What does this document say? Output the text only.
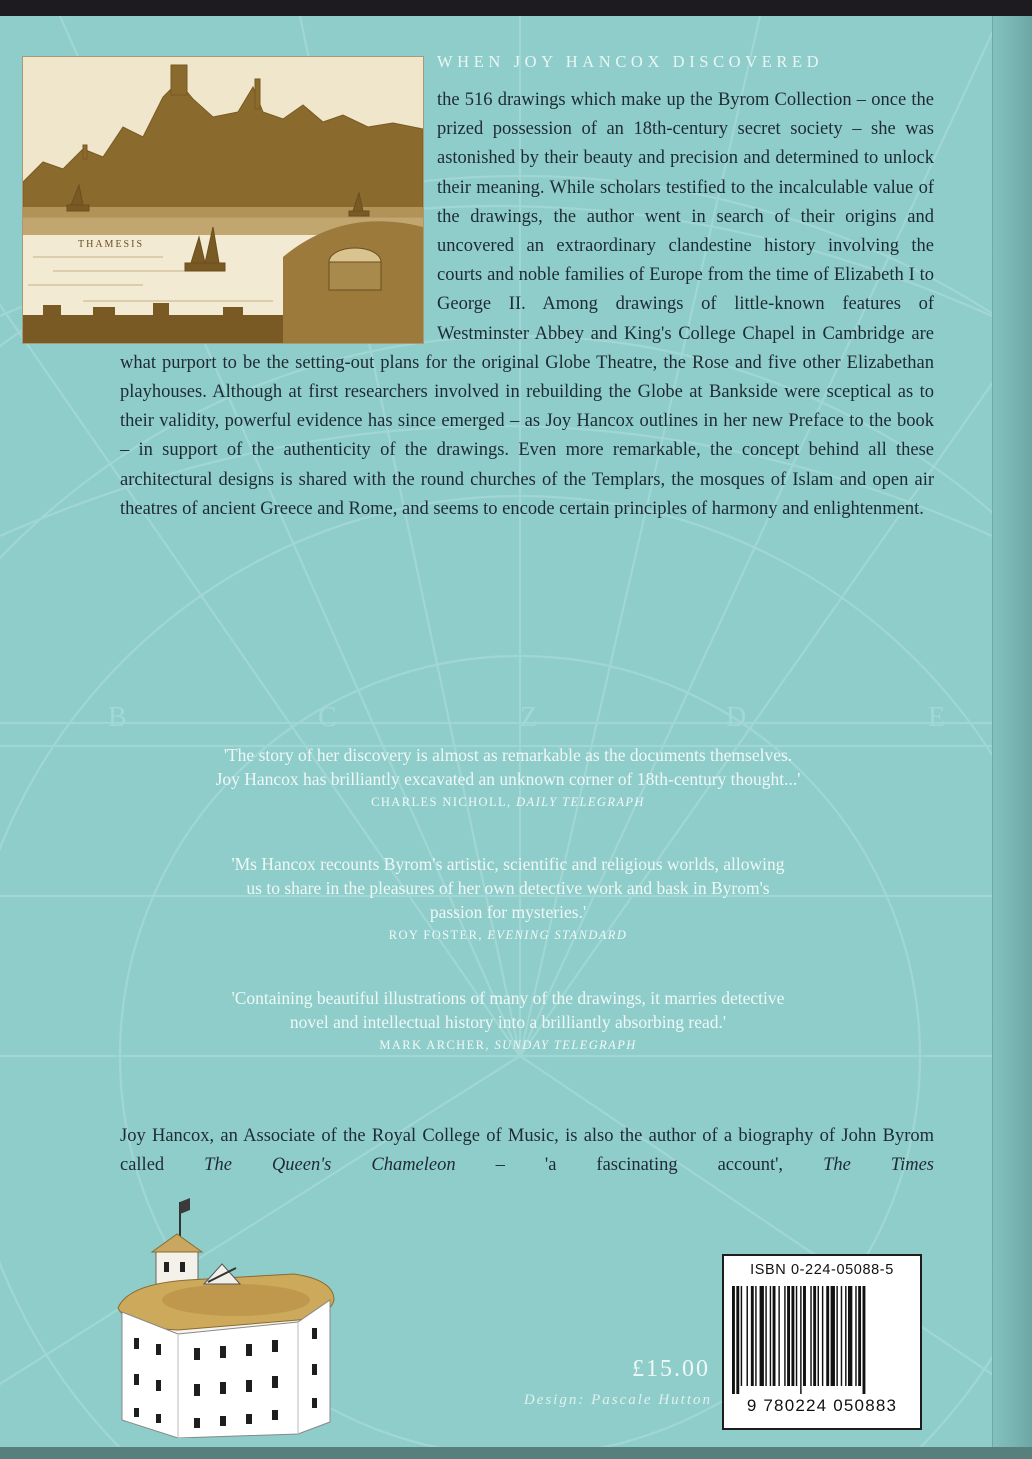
THAMESIS

WHEN JOY HANCOX DISCOVERED

the 516 drawings which make up the Byrom Collection – once the prized possession of an 18th-century secret society – she was astonished by their beauty and precision and determined to unlock their meaning. While scholars testified to the incalculable value of the drawings, the author went in search of their origins and uncovered an extraordinary clandestine history involving the courts and noble families of Europe from the time of Elizabeth I to George II. Among drawings of little-known features of Westminster Abbey and King's College Chapel in Cambridge are what purport to be the setting-out plans for the original Globe Theatre, the Rose and five other Elizabethan playhouses. Although at first researchers involved in rebuilding the Globe at Bankside were sceptical as to their validity, powerful evidence has since emerged – as Joy Hancox outlines in her new Preface to the book – in support of the authenticity of the drawings. Even more remarkable, the concept behind all these architectural designs is shared with the round churches of the Templars, the mosques of Islam and open air theatres of ancient Greece and Rome, and seems to encode certain principles of harmony and enlightenment.

B	C	Z	D	E

'The story of her discovery is almost as remarkable as the documents themselves.

Joy Hancox has brilliantly excavated an unknown corner of 18th-century thought...'

CHARLES NICHOLL, DAILY TELEGRAPH

'Ms Hancox recounts Byrom's artistic, scientific and religious worlds, allowing

us to share in the pleasures of her own detective work and bask in Byrom's

passion for mysteries.'

ROY FOSTER, EVENING STANDARD

'Containing beautiful illustrations of many of the drawings, it marries detective

novel and intellectual history into a brilliantly absorbing read.'

MARK ARCHER, SUNDAY TELEGRAPH

Joy Hancox, an Associate of the Royal College of Music, is also the author of a biography of John Byrom called The Queen's Chameleon – 'a fascinating account', The Times

£15.00

Design: Pascale Hutton

ISBN 0-224-05088-5

9 780224 050883
